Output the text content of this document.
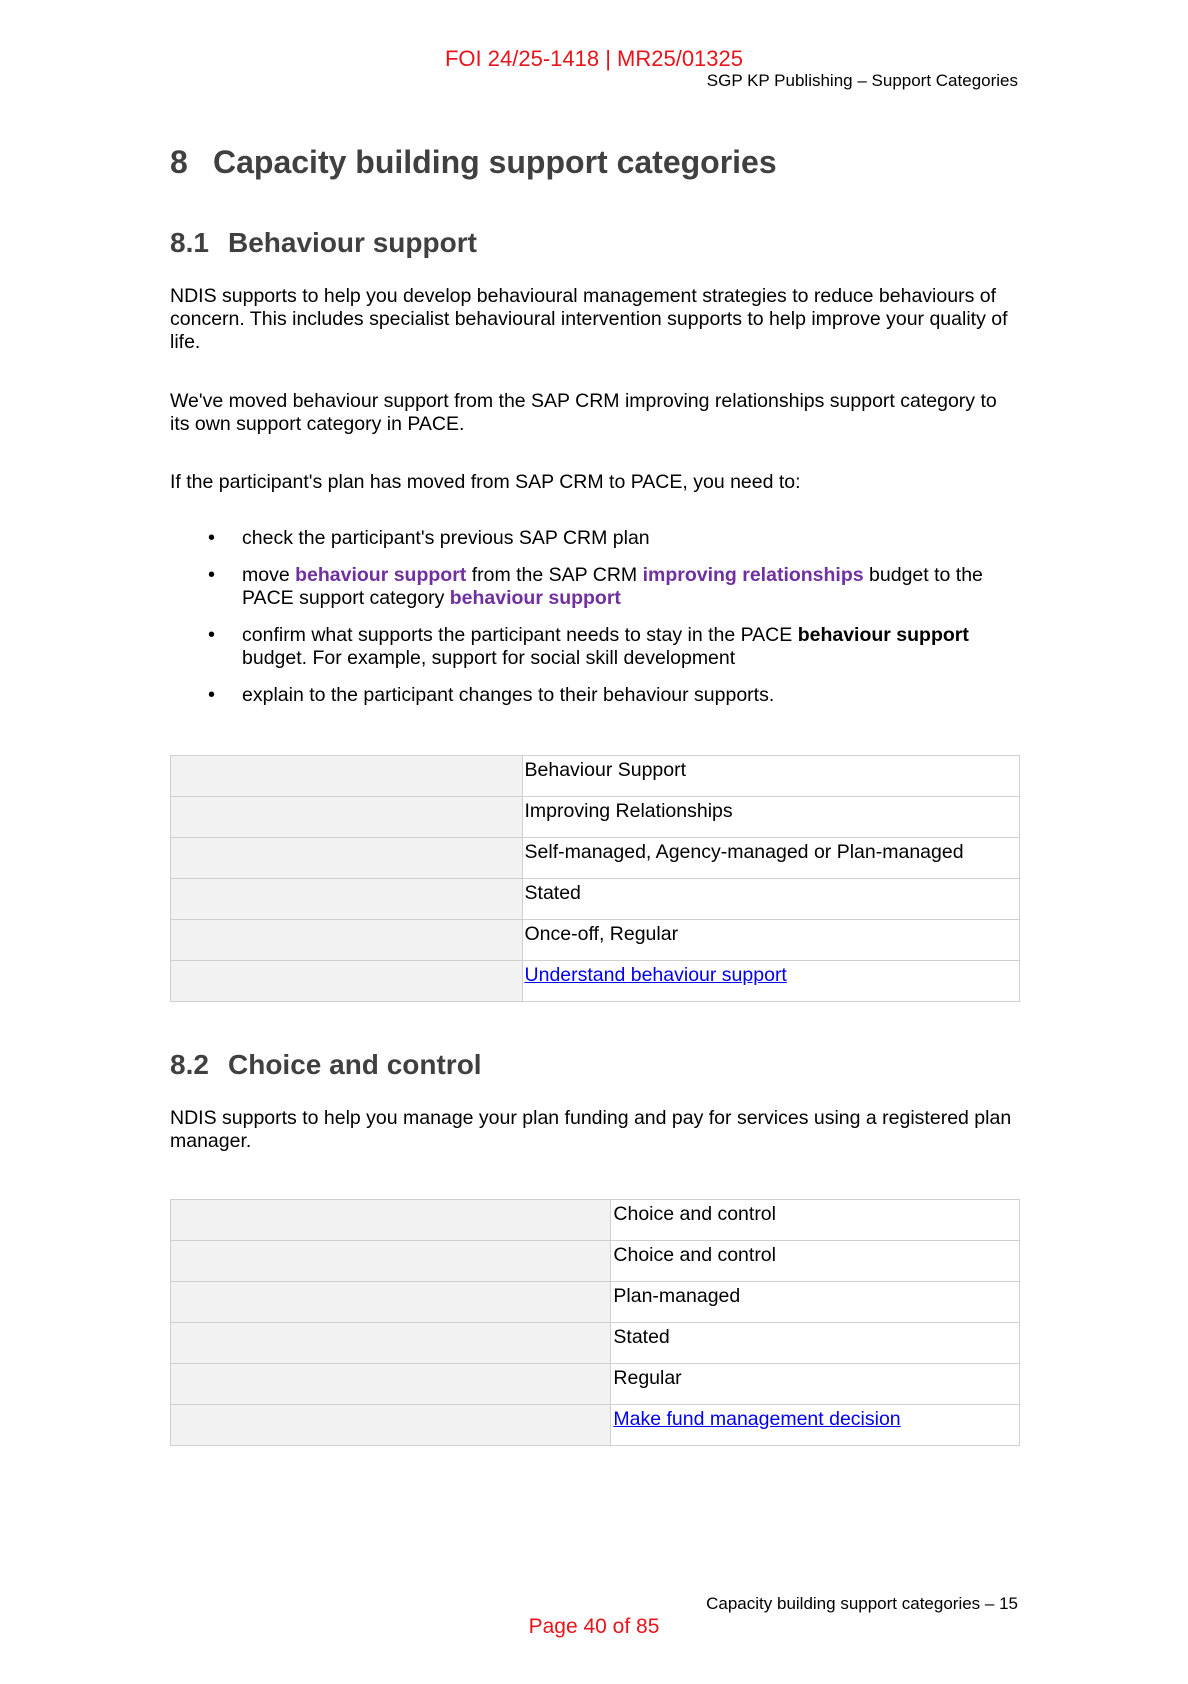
FOI 24/25-1418 | MR25/01325
SGP KP Publishing – Support Categories
8 Capacity building support categories
8.1 Behaviour support

NDIS supports to help you develop behavioural management strategies to reduce behaviours of concern. This includes specialist behavioural intervention supports to help improve your quality of life.

We've moved behaviour support from the SAP CRM improving relationships support category to its own support category in PACE.

If the participant's plan has moved from SAP CRM to PACE, you need to:

• check the participant's previous SAP CRM plan
• move behaviour support from the SAP CRM improving relationships budget to the PACE support category behaviour support
• confirm what supports the participant needs to stay in the PACE behaviour support budget. For example, support for social skill development
• explain to the participant changes to their behaviour supports.
	Behaviour Support
	Improving Relationships
	Self-managed, Agency-managed or Plan-managed
	Stated
	Once-off, Regular
	Understand behaviour support
8.2 Choice and control

NDIS supports to help you manage your plan funding and pay for services using a registered plan manager.

	Choice and control
	Choice and control
	Plan-managed
	Stated
	Regular
	Make fund management decision
Capacity building support categories – 15
Page 40 of 85
